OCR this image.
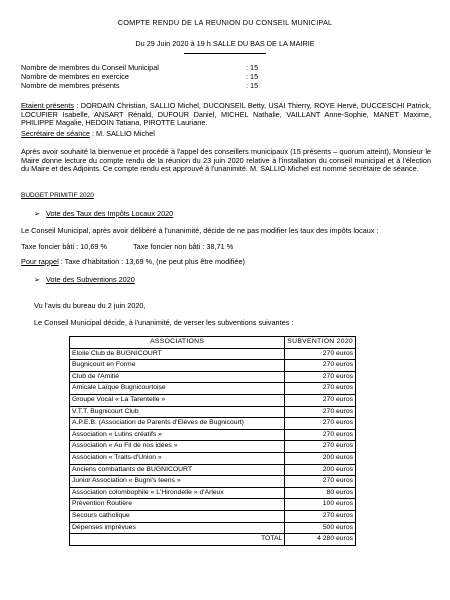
COMPTE RENDU DE LA REUNION DU CONSEIL MUNICIPAL
Du 29 Juin 2020 à 19 h SALLE DU BAS DE LA MAIRIE
Nombre de membres du Conseil Municipal	: 15
Nombre de membres en exercice	: 15
Nombre de membres présents	: 15
Etaient présents : DORDAIN Christian, SALLIO Michel, DUCONSEIL Betty, USAI Thierry, ROYE Hervé, DUCCESCHI Patrick, LOCUFIER Isabelle, ANSART Rénald, DUFOUR Daniel, MICHEL Nathalie, VAILLANT Anne-Sophie, MANET Maxime, PHILIPPE Magalie, HEDOIN Tatiana, PIROTTE Lauriane.
Secrétaire de séance : M. SALLIO Michel
Après avoir souhaité la bienvenue et procédé à l'appel des conseillers municipaux (15 présents – quorum atteint), Monsieur le Maire donne lecture du compte rendu de la réunion du 23 juin 2020 relative à l'installation du conseil municipal et à l'élection du Maire et des Adjoints. Ce compte rendu est approuvé à l'unanimité. M. SALLIO Michel est nommé secrétaire de séance.
BUDGET PRIMITIF 2020
➢ Vote des Taux des Impôts Locaux 2020
Le Conseil Municipal, après avoir délibéré à l'unanimité, décide de ne pas modifier les taux des impôts locaux :
Taxe foncier bâti : 10,69 %	Taxe foncier non bâti : 38,71 %
Pour rappel : Taxe d'habitation : 13,69 %, (ne peut plus être modifiée)
➢ Vote des Subventions 2020
Vu l'avis du bureau du 2 juin 2020,
Le Conseil Municipal décide, à l'unanimité, de verser les subventions suivantes :
ASSOCIATIONS	SUBVENTION 2020
Etoile Club de BUGNICOURT	270 euros
Bugnicourt en Forme	270 euros
Club de l'Amitié	270 euros
Amicale Laïque Bugnicourtoise	270 euros
Groupe Vocal « La Tarentelle »	270 euros
V.T.T. Bugnicourt Club	270 euros
A.P.E.B. (Association de Parents d'Elèves de Bugnicourt)	270 euros
Association « Lutins créatifs »	270 euros
Association « Au Fil de nos idées »	270 euros
Association « Traits-d'Union »	200 euros
Anciens combattants de BUGNICOURT	200 euros
Junior Association « Bugni's teens »	270 euros
Association colombophile « L'Hirondelle » d'Arleux	80 euros
Prévention Routière	100 euros
Secours catholique	270 euros
Dépenses imprévues	500 euros
TOTAL	4 280 euros
